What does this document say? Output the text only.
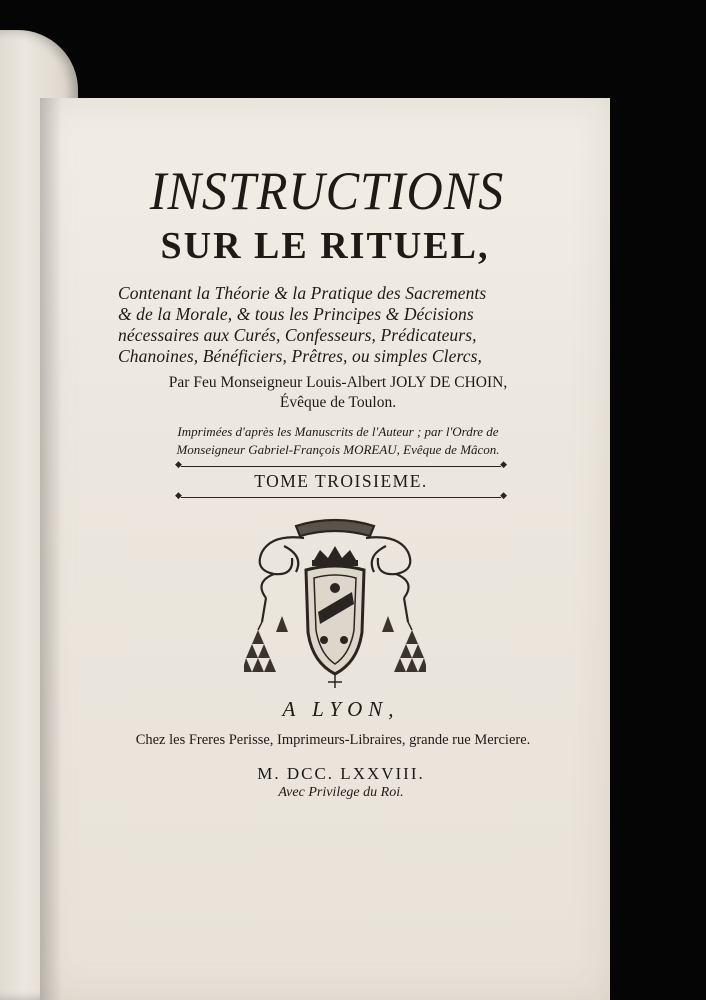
INSTRUCTIONS
SUR LE RITUEL,
Contenant la Théorie & la Pratique des Sacrements
& de la Morale, & tous les Principes & Décisions
nécessaires aux Curés, Confesseurs, Prédicateurs,
Chanoines, Bénéficiers, Prêtres, ou simples Clercs,
Par Feu Monseigneur Louis-Albert JOLY DE CHOIN,
Évêque de Toulon.
Imprimées d'après les Manuscrits de l'Auteur ; par l'Ordre de
Monseigneur Gabriel-François MOREAU, Evêque de Mâcon.
◆ ◆
TOME TROISIEME.
◆ ◆
A LYON,
Chez les Freres Perisse, Imprimeurs-Libraires, grande rue Merciere.
M. DCC. LXXVIII.
Avec Privilege du Roi.
